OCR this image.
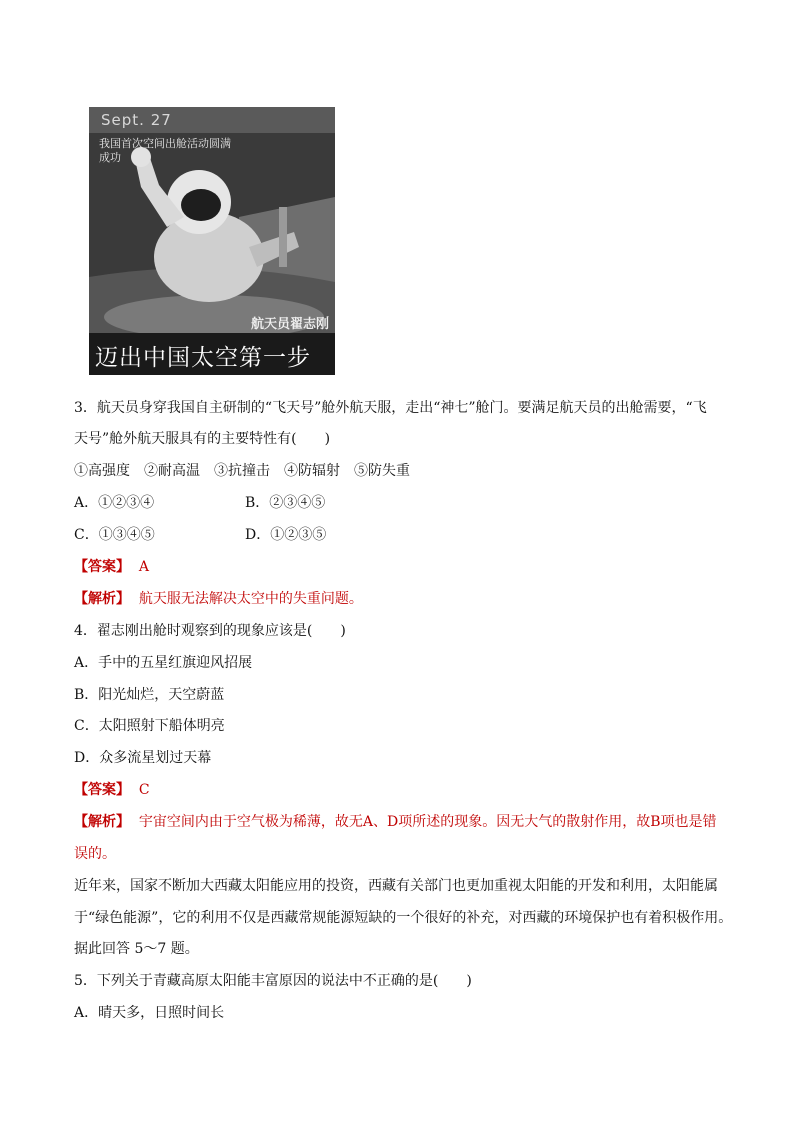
Sept. 27
我国首次空间出舱活动圆满成功
航天员翟志刚
迈出中国太空第一步
3．航天员身穿我国自主研制的“飞天号”舱外航天服，走出“神七”舱门。要满足航天员的出舱需要，“飞
天号”舱外航天服具有的主要特性有(　　)
①高强度　②耐高温　③抗撞击　④防辐射　⑤防失重
A．①②③④	B．②③④⑤
C．①③④⑤	D．①②③⑤
【答案】 A
【解析】 航天服无法解决太空中的失重问题。
4．翟志刚出舱时观察到的现象应该是(　　)
A．手中的五星红旗迎风招展
B．阳光灿烂，天空蔚蓝
C．太阳照射下船体明亮
D．众多流星划过天幕
【答案】 C
【解析】 宇宙空间内由于空气极为稀薄，故无A、D项所述的现象。因无大气的散射作用，故B项也是错
误的。
近年来，国家不断加大西藏太阳能应用的投资，西藏有关部门也更加重视太阳能的开发和利用，太阳能属
于“绿色能源”，它的利用不仅是西藏常规能源短缺的一个很好的补充，对西藏的环境保护也有着积极作用。
据此回答 5～7 题。
5．下列关于青藏高原太阳能丰富原因的说法中不正确的是(　　)
A．晴天多，日照时间长
